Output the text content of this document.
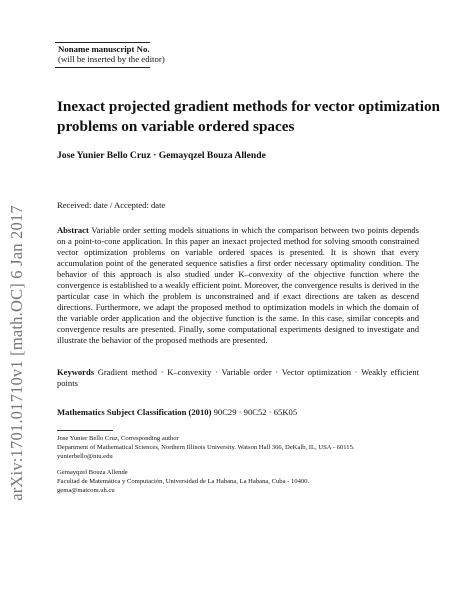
arXiv:1701.01710v1 [math.OC] 6 Jan 2017
Noname manuscript No.
(will be inserted by the editor)
Inexact projected gradient methods for vector optimization problems on variable ordered spaces
Jose Yunier Bello Cruz · Gemayqzel Bouza Allende
Received: date / Accepted: date
Abstract Variable order setting models situations in which the comparison between two points depends on a point-to-cone application. In this paper an inexact projected method for solving smooth constrained vector optimization problems on variable ordered spaces is presented. It is shown that every accumulation point of the generated sequence satisfies a first order necessary optimality condition. The behavior of this approach is also studied under K–convexity of the objective function where the convergence is established to a weakly efficient point. Moreover, the convergence results is derived in the particular case in which the problem is unconstrained and if exact directions are taken as descend directions. Furthermore, we adapt the proposed method to optimization models in which the domain of the variable order application and the objective function is the same. In this case, similar concepts and convergence results are presented. Finally, some computational experiments designed to investigate and illustrate the behavior of the proposed methods are presented.
Keywords Gradient method · K–convexity · Variable order · Vector optimization · Weakly efficient points
Mathematics Subject Classification (2010) 90C29 · 90C52 · 65K05

Jose Yunier Bello Cruz, Corresponding author

Department of Mathematical Sciences, Northern Illinois University. Watson Hall 366, DeKalb, IL, USA - 60115.

yunierbello@niu.edu

Gemayqzel Bouza Allende

Facultad de Matemática y Computación, Universidad de La Habana, La Habana, Cuba - 10400.

gema@matcom.uh.cu
